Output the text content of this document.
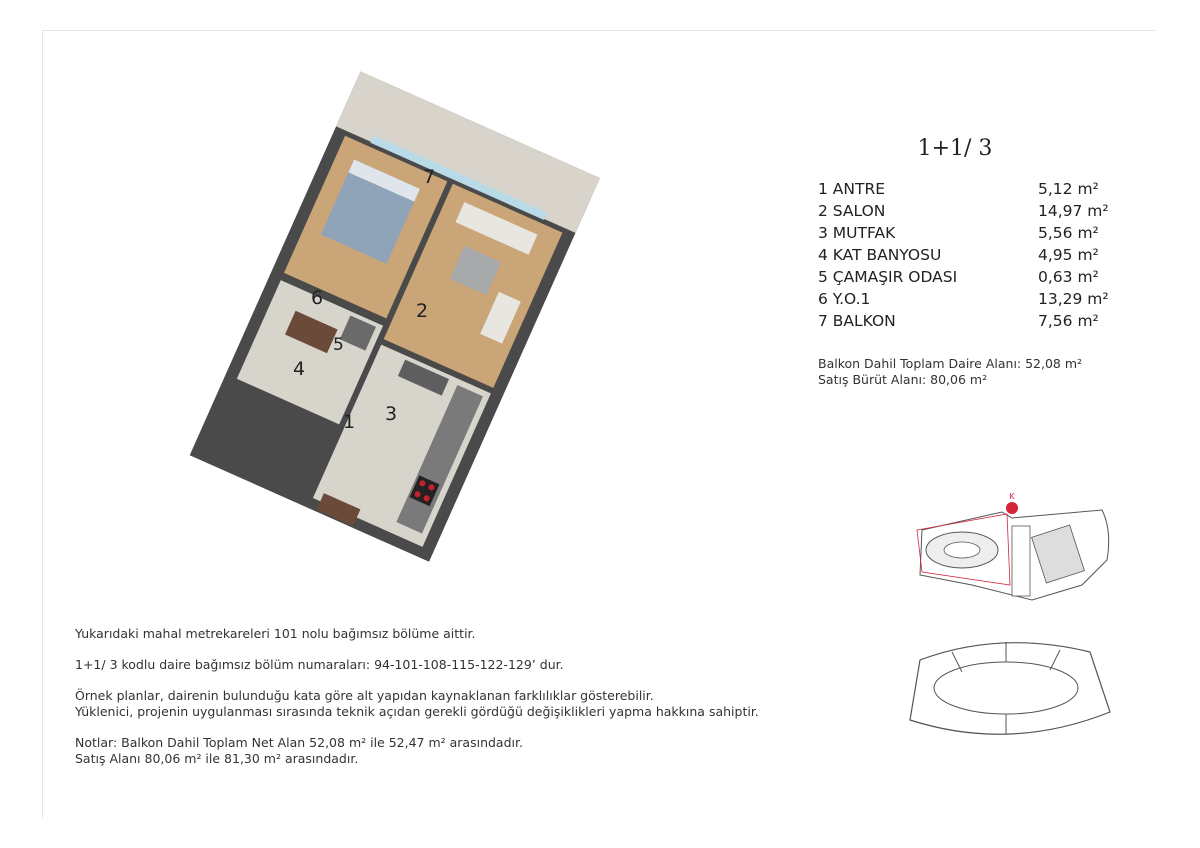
1
2
3
4
5
6
7
1+1/ 3
1 ANTRE	5,12 m²
2 SALON	14,97 m²
3 MUTFAK	5,56 m²
4 KAT BANYOSU	4,95 m²
5 ÇAMAŞIR ODASI	0,63 m²
6 Y.O.1	13,29 m²
7 BALKON	7,56 m²
Balkon Dahil Toplam Daire Alanı: 52,08 m²
Satış Bürüt Alanı: 80,06 m²
K

Yukarıdaki mahal metrekareleri 101 nolu bağımsız bölüme aittir.

1+1/ 3 kodlu daire bağımsız bölüm numaraları: 94-101-108-115-122-129’ dur.

Örnek planlar, dairenin bulunduğu kata göre alt yapıdan kaynaklanan farklılıklar gösterebilir.

Yüklenici, projenin uygulanması sırasında teknik açıdan gerekli gördüğü değişiklikleri yapma hakkına sahiptir.

Notlar: Balkon Dahil Toplam Net Alan 52,08 m² ile 52,47 m² arasındadır.

Satış Alanı 80,06 m² ile 81,30 m² arasındadır.
